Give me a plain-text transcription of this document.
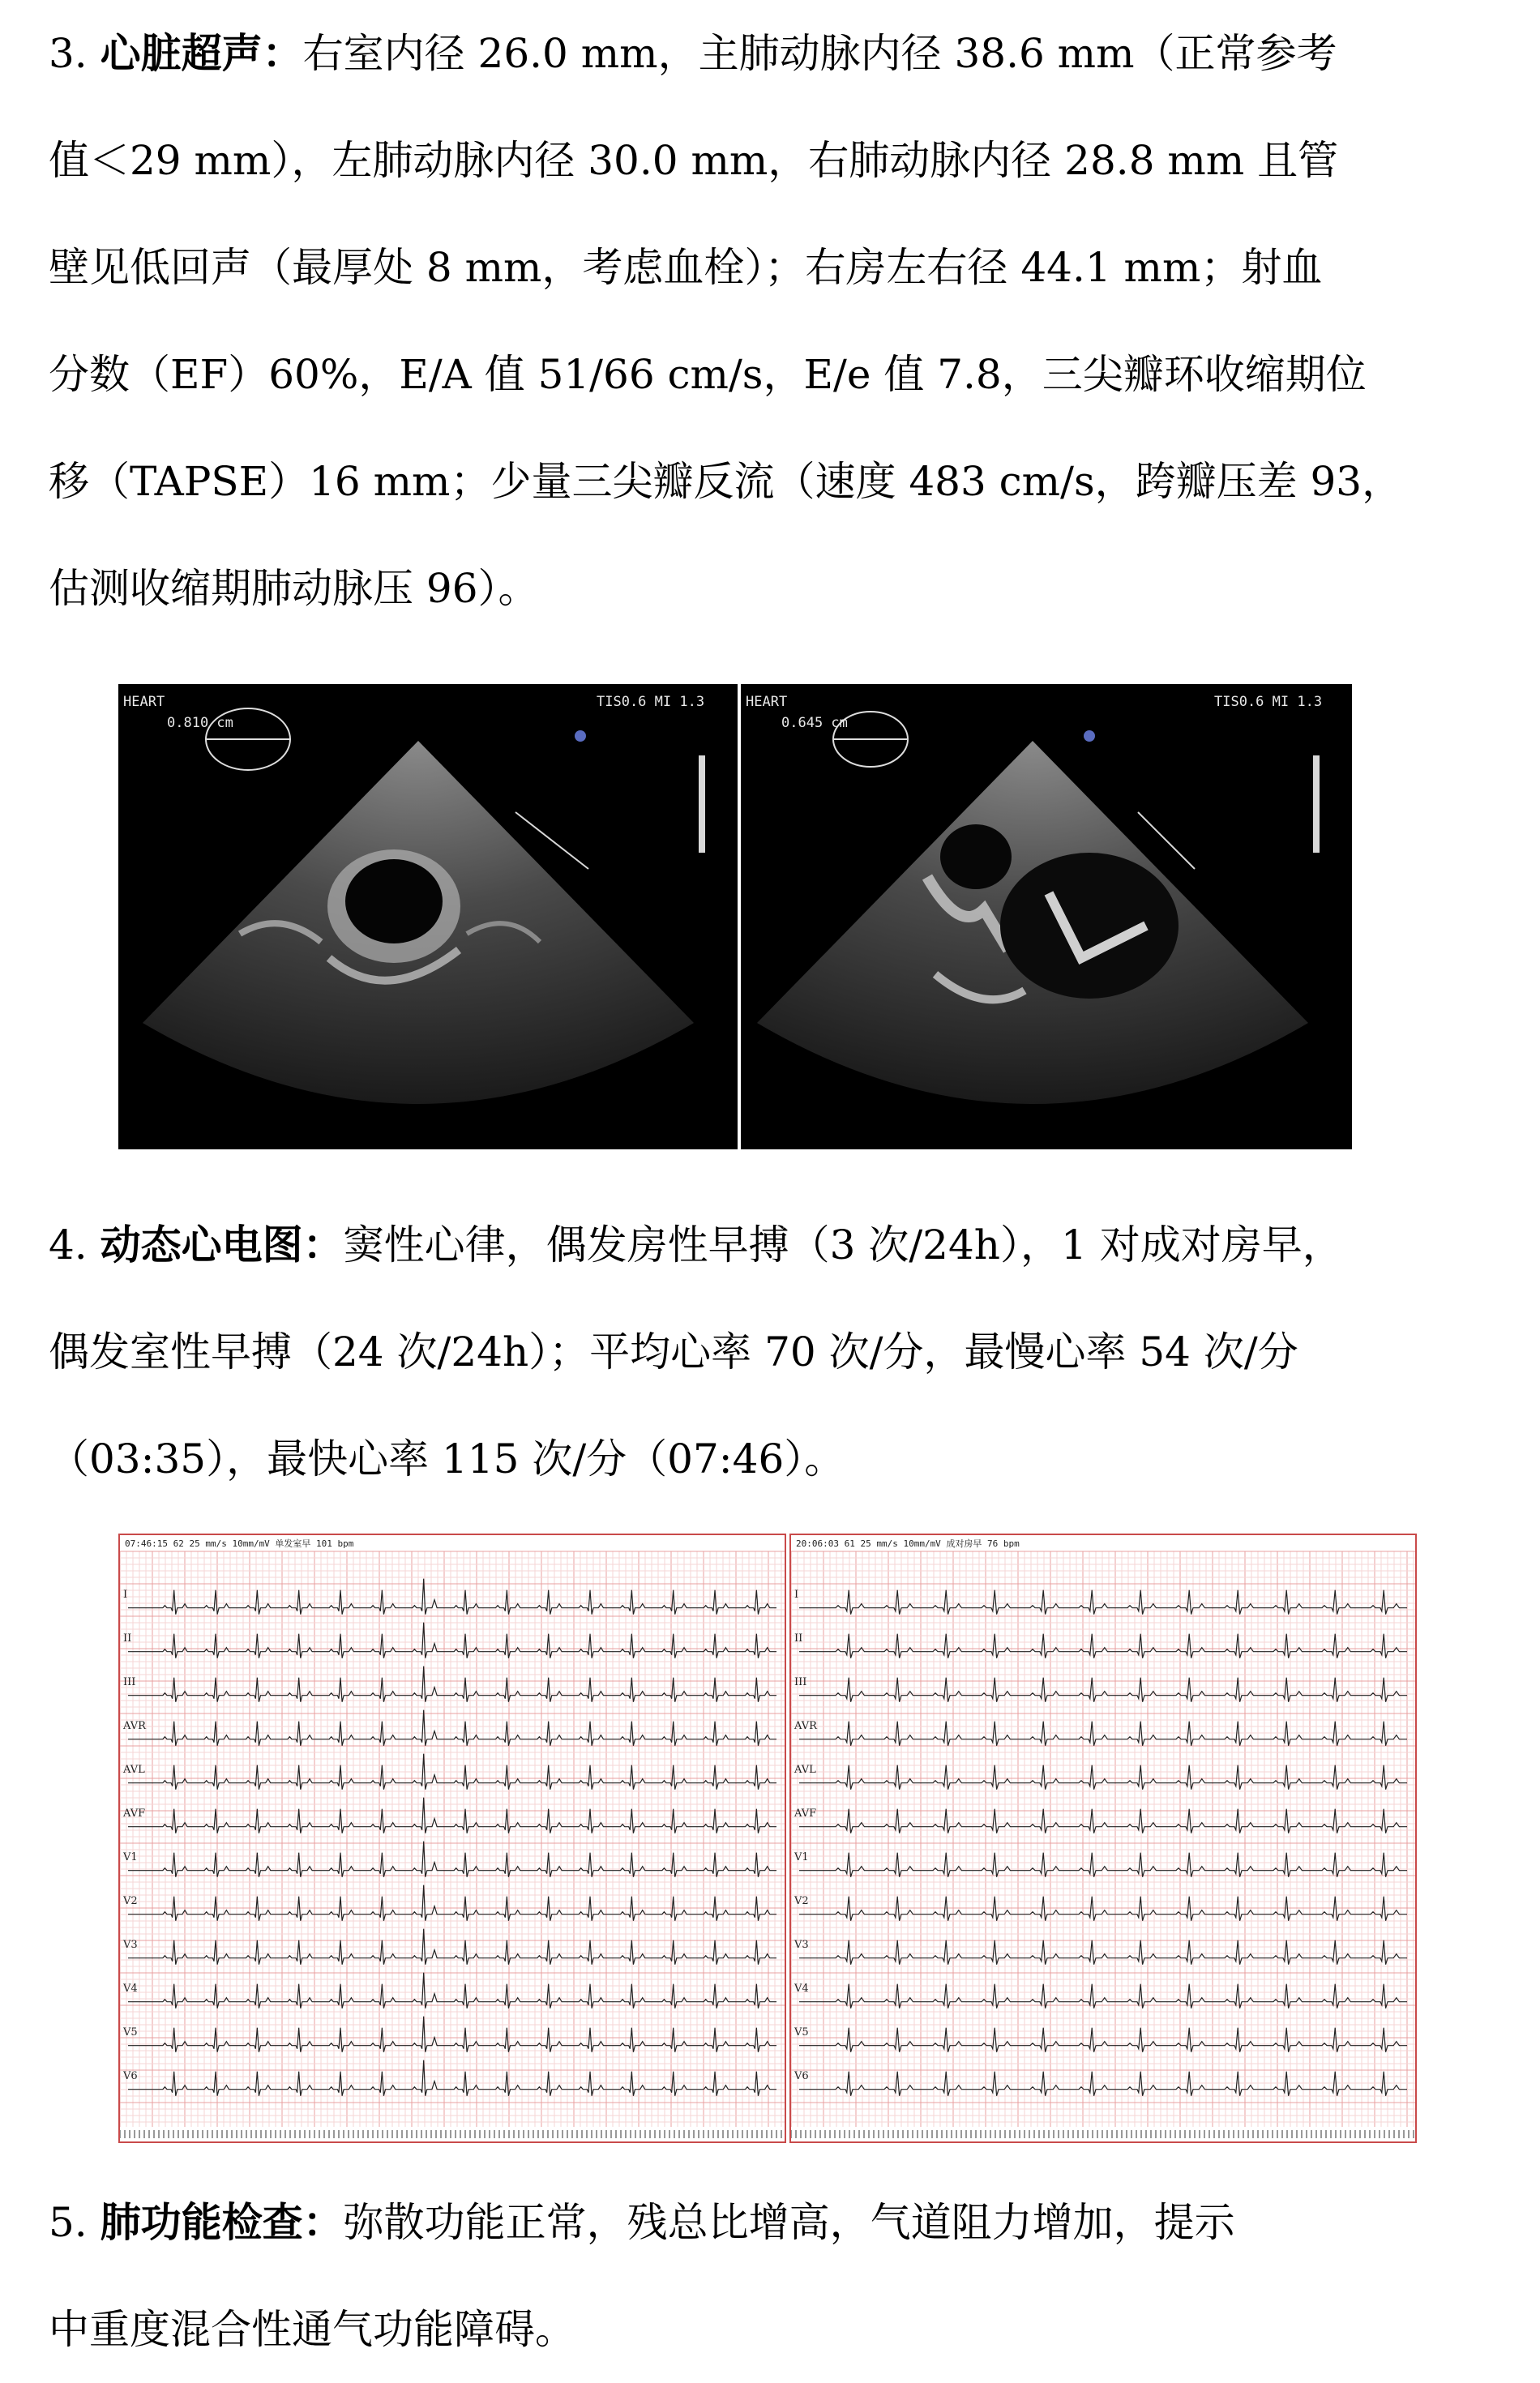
3. 心脏超声：右室内径 26.0 mm，主肺动脉内径 38.6 mm（正常参考
值＜29 mm），左肺动脉内径 30.0 mm，右肺动脉内径 28.8 mm 且管
壁见低回声（最厚处 8 mm，考虑血栓）；右房左右径 44.1 mm；射血
分数（EF）60%，E/A 值 51/66 cm/s，E/e 值 7.8，三尖瓣环收缩期位
移（TAPSE）16 mm；少量三尖瓣反流（速度 483 cm/s，跨瓣压差 93，
估测收缩期肺动脉压 96）。
HEART
0.810 cm
TIS0.6 MI 1.3	HEART
0.645 cm
TIS0.6 MI 1.3
4. 动态心电图：窦性心律，偶发房性早搏（3 次/24h），1 对成对房早，
偶发室性早搏（24 次/24h）；平均心率 70 次/分，最慢心率 54 次/分
（03:35），最快心率 115 次/分（07:46）。
07:46:15 62 25 mm/s 10mm/mV 单发室早 101 bpm
I
II
III
AVR
AVL
AVF
V1
V2
V3
V4
V5
V6
20:06:03 61 25 mm/s 10mm/mV 成对房早 76 bpm
I
II
III
AVR
AVL
AVF
V1
V2
V3
V4
V5
V6
5. 肺功能检查：弥散功能正常，残总比增高，气道阻力增加，提示
中重度混合性通气功能障碍。
